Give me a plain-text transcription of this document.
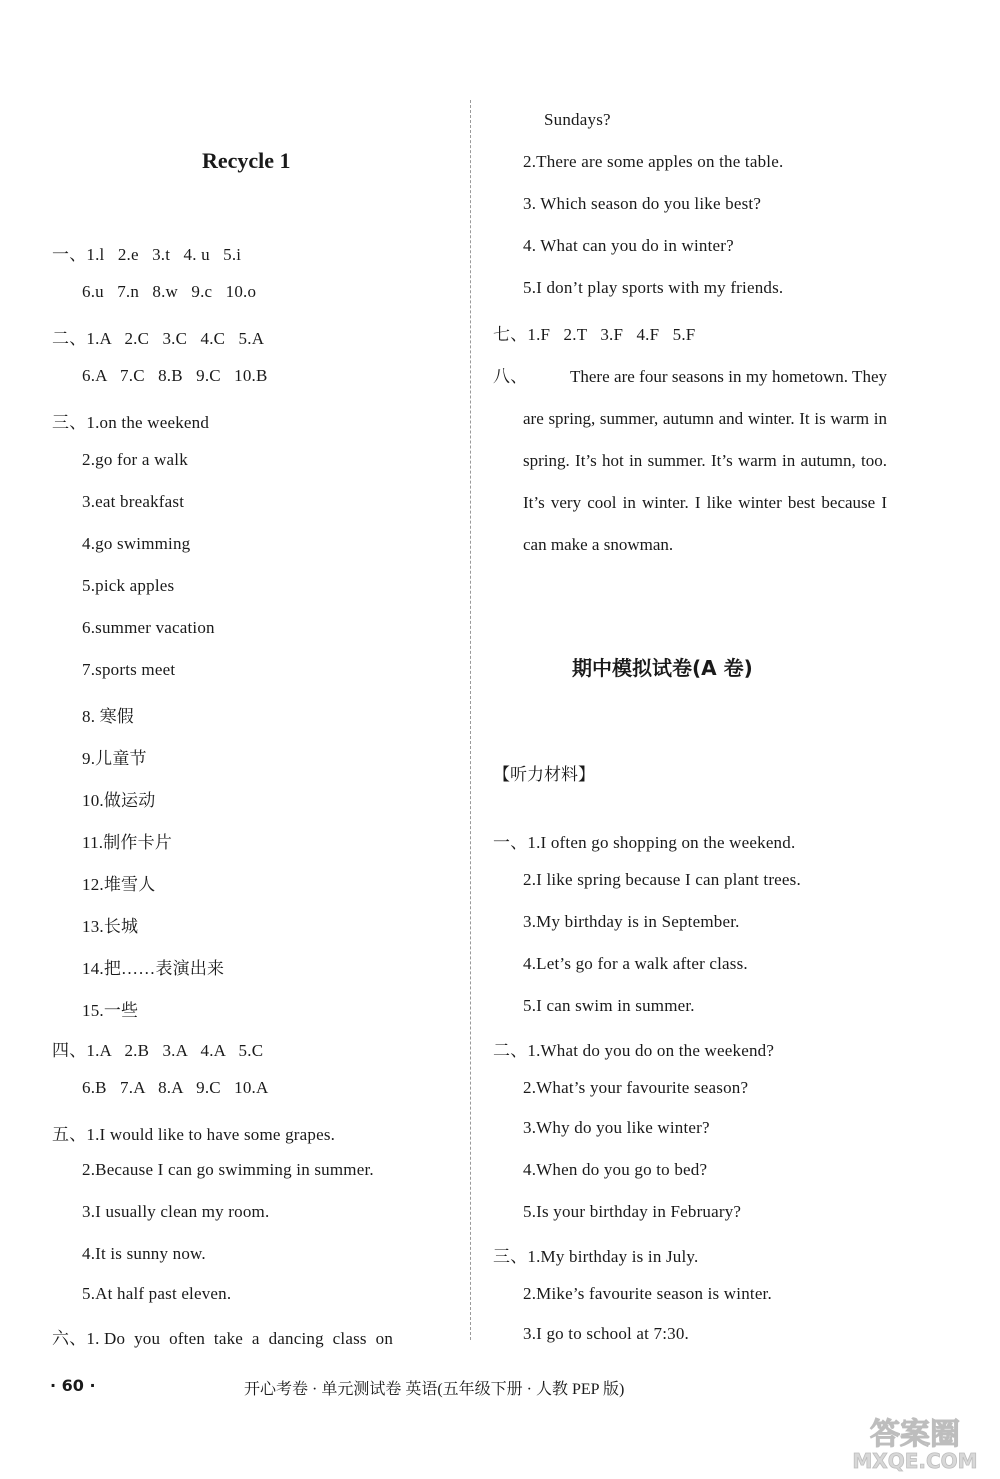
Recycle 1
一、1.l   2.e   3.t   4. u   5.i
6.u   7.n   8.w   9.c   10.o
二、1.A   2.C   3.C   4.C   5.A
6.A   7.C   8.B   9.C   10.B
三、1.on the weekend
2.go for a walk
3.eat breakfast
4.go swimming
5.pick apples
6.summer vacation
7.sports meet
8. 寒假
9.儿童节
10.做运动
11.制作卡片
12.堆雪人
13.长城
14.把……表演出来
15.一些
四、1.A   2.B   3.A   4.A   5.C
6.B   7.A   8.A   9.C   10.A
五、1.I would like to have some grapes.
2.Because I can go swimming in summer.
3.I usually clean my room.
4.It is sunny now.
5.At half past eleven.
六、1. Do  you  often  take  a  dancing  class  on
Sundays?
2.There are some apples on the table.
3. Which season do you like best?
4. What can you do in winter?
5.I don’t play sports with my friends.
七、1.F   2.T   3.F   4.F   5.F
八、	There are four seasons in my hometown. They are spring, summer, autumn and winter. It is warm in spring. It’s hot in summer. It’s warm in autumn, too. It’s very cool in winter. I like winter best because I can make a snowman.
期中模拟试卷(A 卷)
【听力材料】
一、1.I often go shopping on the weekend.
2.I like spring because I can plant trees.
3.My birthday is in September.
4.Let’s go for a walk after class.
5.I can swim in summer.
二、1.What do you do on the weekend?
2.What’s your favourite season?
3.Why do you like winter?
4.When do you go to bed?
5.Is your birthday in February?
三、1.My birthday is in July.
2.Mike’s favourite season is winter.
3.I go to school at 7:30.
· 60 ·	开心考卷 · 单元测试卷 英语(五年级下册 · 人教 PEP 版)
答案圈
MXQE.COM
